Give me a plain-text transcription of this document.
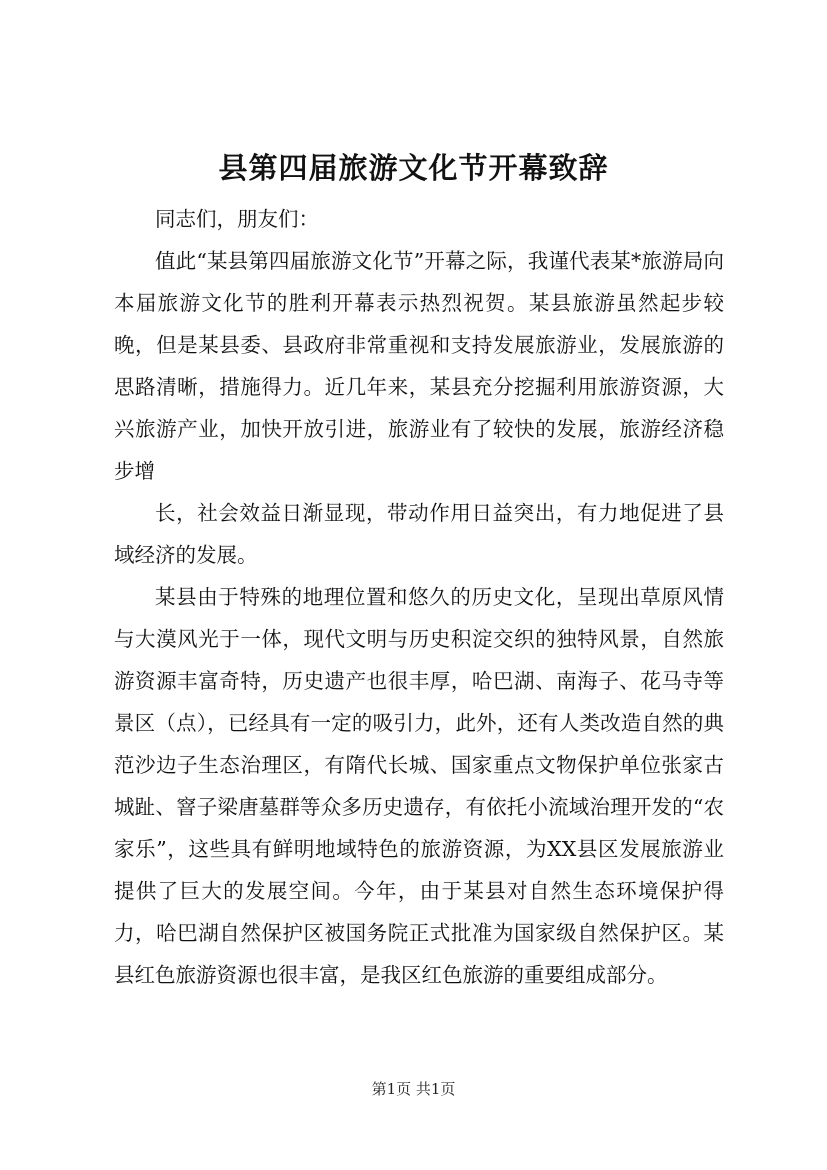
县第四届旅游文化节开幕致辞

同志们，朋友们：

值此“某县第四届旅游文化节”开幕之际，我谨代表某*旅游局向本届旅游文化节的胜利开幕表示热烈祝贺。某县旅游虽然起步较晚，但是某县委、县政府非常重视和支持发展旅游业，发展旅游的思路清晰，措施得力。近几年来，某县充分挖掘利用旅游资源，大兴旅游产业，加快开放引进，旅游业有了较快的发展，旅游经济稳步增

长，社会效益日渐显现，带动作用日益突出，有力地促进了县域经济的发展。

某县由于特殊的地理位置和悠久的历史文化，呈现出草原风情与大漠风光于一体，现代文明与历史积淀交织的独特风景，自然旅游资源丰富奇特，历史遗产也很丰厚，哈巴湖、南海子、花马寺等景区（点），已经具有一定的吸引力，此外，还有人类改造自然的典范沙边子生态治理区，有隋代长城、国家重点文物保护单位张家古城趾、窨子梁唐墓群等众多历史遗存，有依托小流域治理开发的“农家乐”，这些具有鲜明地域特色的旅游资源，为XX县区发展旅游业提供了巨大的发展空间。今年，由于某县对自然生态环境保护得力，哈巴湖自然保护区被国务院正式批准为国家级自然保护区。某县红色旅游资源也很丰富，是我区红色旅游的重要组成部分。

第1页 共1页
